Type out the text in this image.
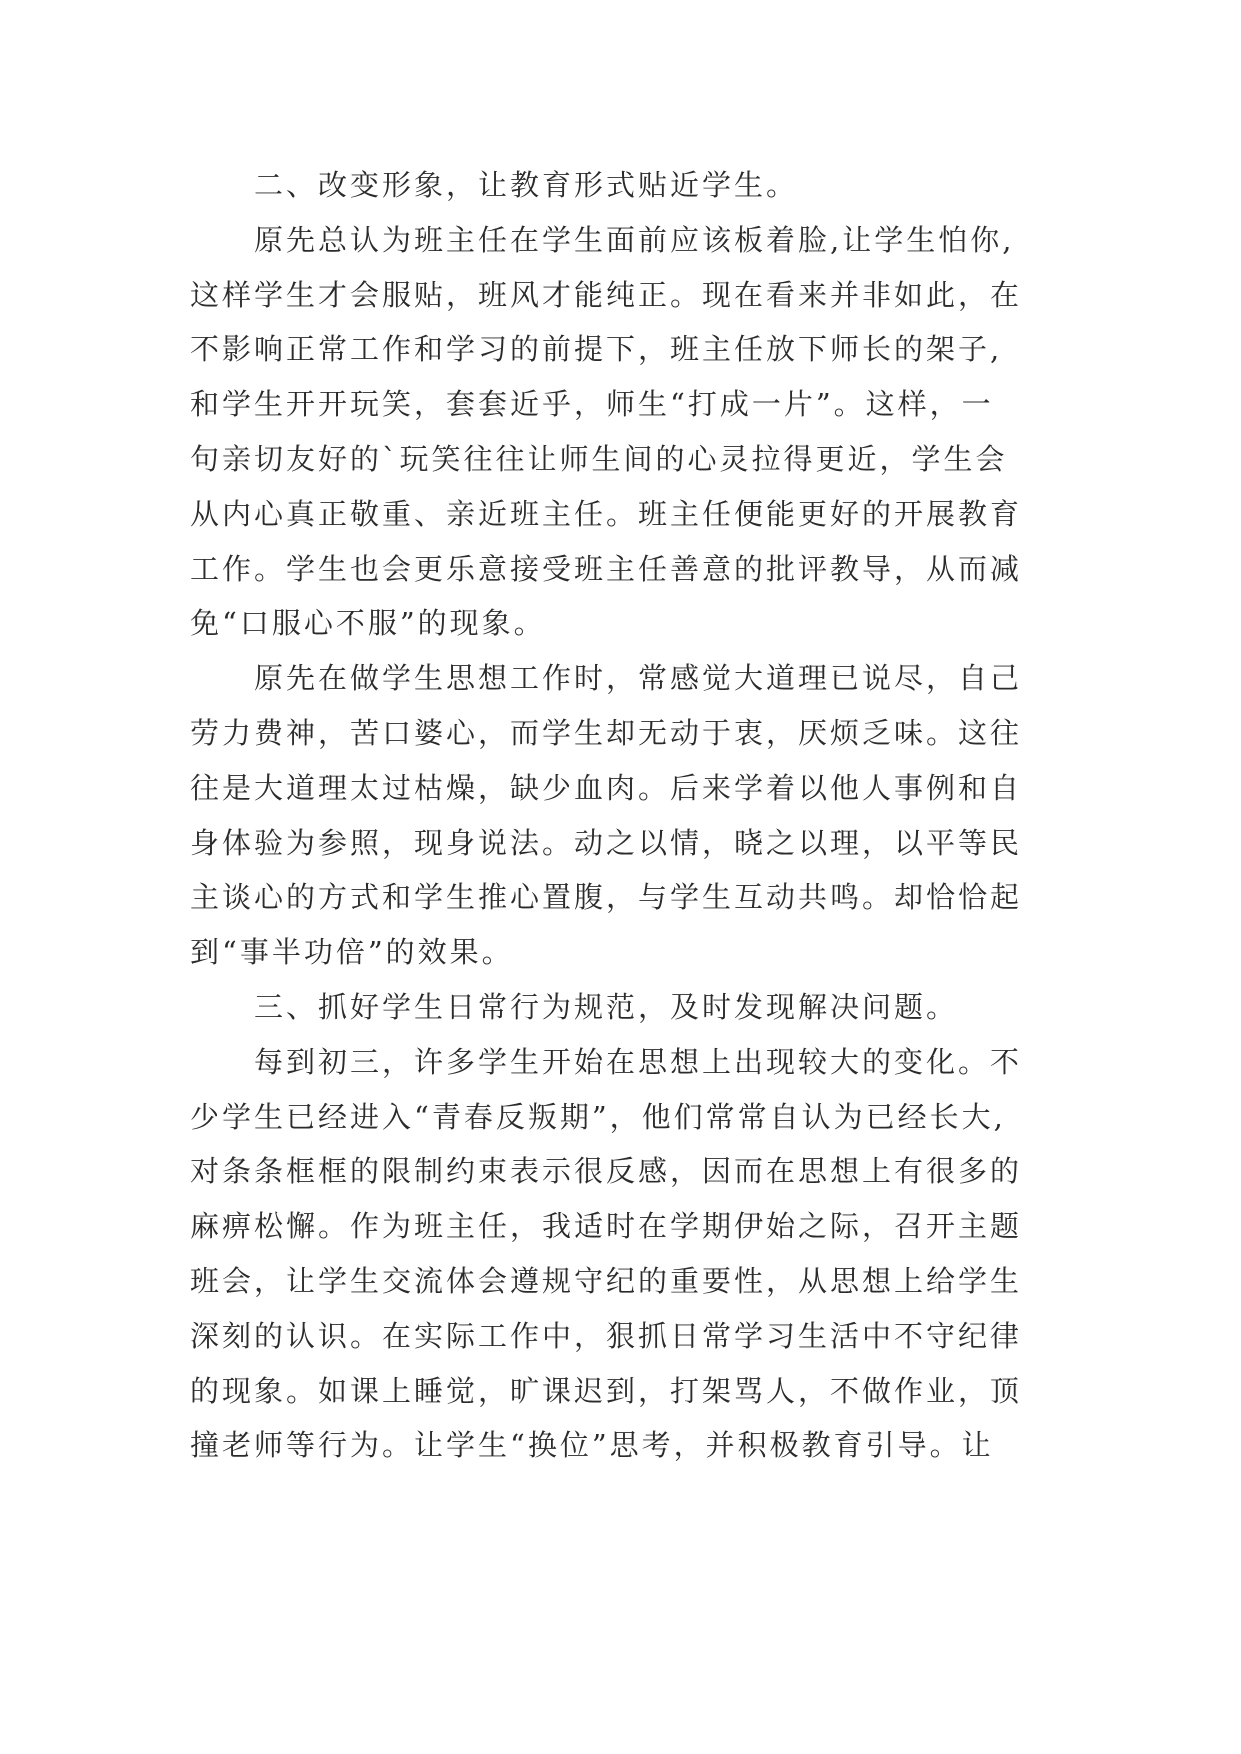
二、改变形象，让教育形式贴近学生。
原先总认为班主任在学生面前应该板着脸,让学生怕你,
这样学生才会服贴，班风才能纯正。现在看来并非如此，在
不影响正常工作和学习的前提下，班主任放下师长的架子,
和学生开开玩笑，套套近乎，师生“打成一片”。这样，一
句亲切友好的`玩笑往往让师生间的心灵拉得更近，学生会
从内心真正敬重、亲近班主任。班主任便能更好的开展教育
工作。学生也会更乐意接受班主任善意的批评教导，从而减
免“口服心不服”的现象。
原先在做学生思想工作时，常感觉大道理已说尽，自己
劳力费神，苦口婆心，而学生却无动于衷，厌烦乏味。这往
往是大道理太过枯燥，缺少血肉。后来学着以他人事例和自
身体验为参照，现身说法。动之以情，晓之以理，以平等民
主谈心的方式和学生推心置腹，与学生互动共鸣。却恰恰起
到“事半功倍”的效果。
三、抓好学生日常行为规范，及时发现解决问题。
每到初三，许多学生开始在思想上出现较大的变化。不
少学生已经进入“青春反叛期”，他们常常自认为已经长大,
对条条框框的限制约束表示很反感，因而在思想上有很多的
麻痹松懈。作为班主任，我适时在学期伊始之际，召开主题
班会，让学生交流体会遵规守纪的重要性，从思想上给学生
深刻的认识。在实际工作中，狠抓日常学习生活中不守纪律
的现象。如课上睡觉，旷课迟到，打架骂人，不做作业，顶
撞老师等行为。让学生“换位”思考，并积极教育引导。让
